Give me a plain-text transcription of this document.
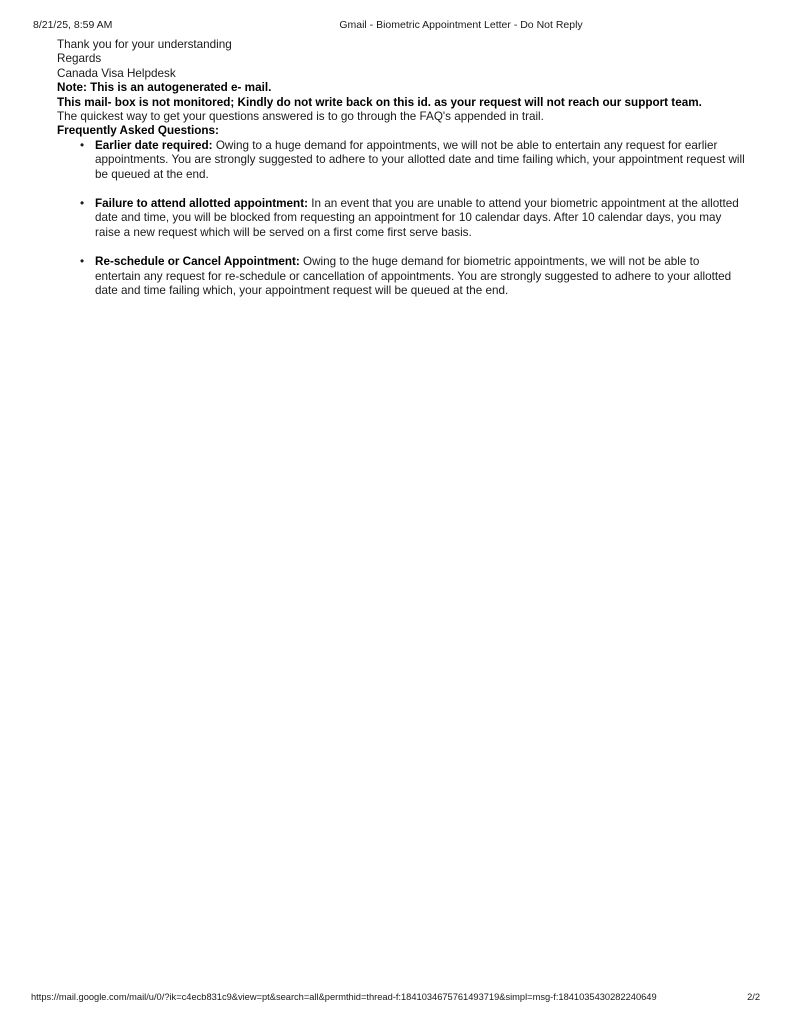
8/21/25, 8:59 AM	Gmail - Biometric Appointment Letter - Do Not Reply

Thank you for your understanding

Regards

Canada Visa Helpdesk

Note: This is an autogenerated e- mail.

This mail- box is not monitored; Kindly do not write back on this id. as your request will not reach our support team.

The quickest way to get your questions answered is to go through the FAQ's appended in trail.

Frequently Asked Questions:

• Earlier date required: Owing to a huge demand for appointments, we will not be able to entertain any request for earlier appointments. You are strongly suggested to adhere to your allotted date and time failing which, your appointment request will be queued at the end.
• Failure to attend allotted appointment: In an event that you are unable to attend your biometric appointment at the allotted date and time, you will be blocked from requesting an appointment for 10 calendar days. After 10 calendar days, you may raise a new request which will be served on a first come first serve basis.
• Re-schedule or Cancel Appointment: Owing to the huge demand for biometric appointments, we will not be able to entertain any request for re-schedule or cancellation of appointments. You are strongly suggested to adhere to your allotted date and time failing which, your appointment request will be queued at the end.
https://mail.google.com/mail/u/0/?ik=c4ecb831c9&view=pt&search=all&permthid=thread-f:1841034675761493719&simpl=msg-f:1841035430282240649	2/2
